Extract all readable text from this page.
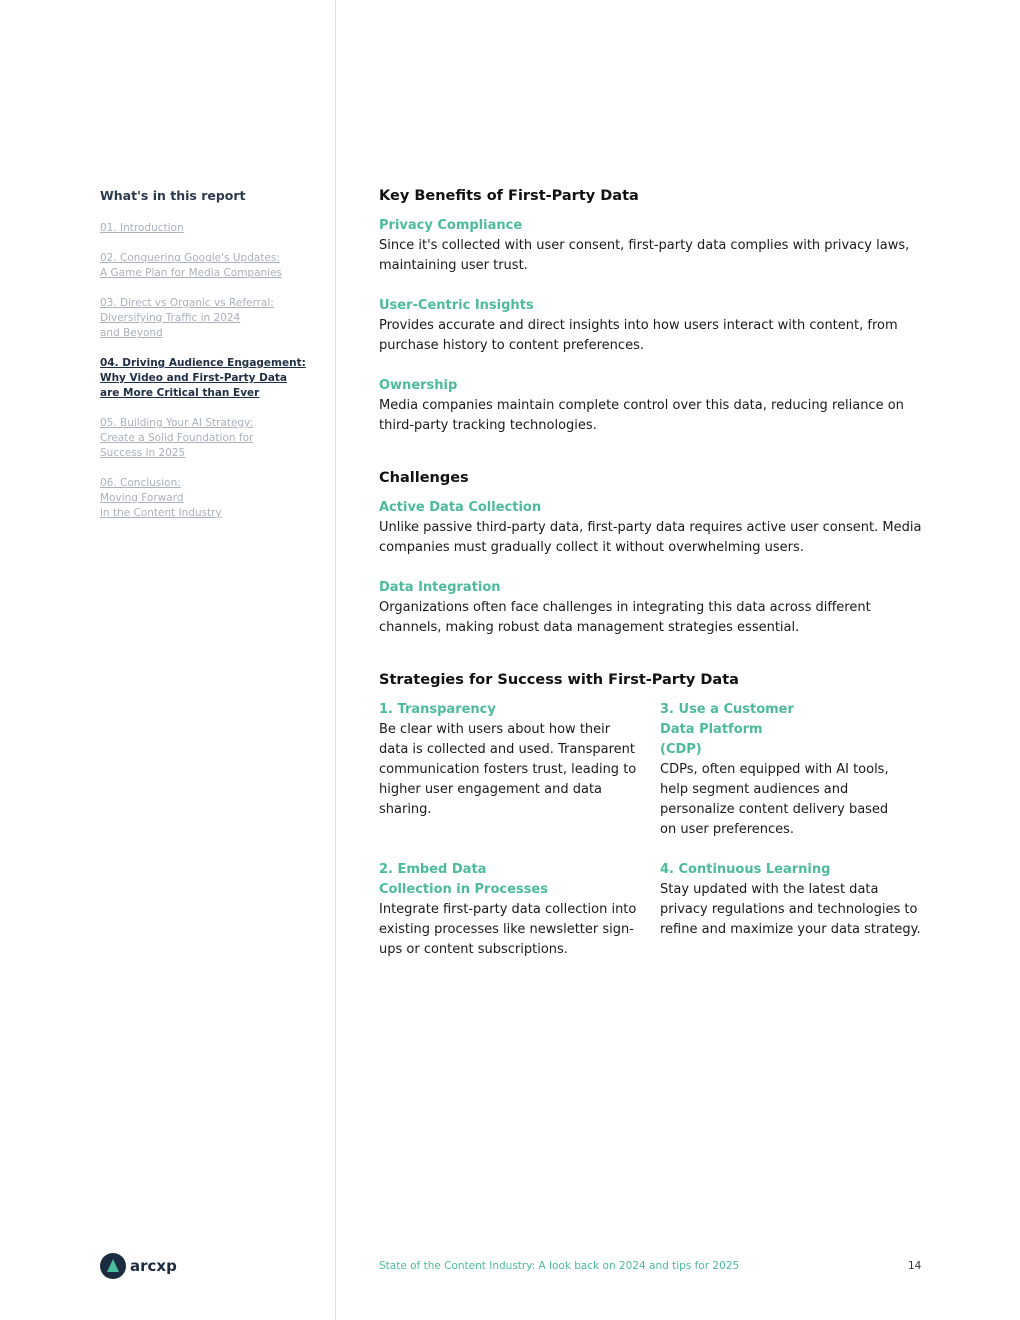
What's in this report
01. Introduction
02. Conquering Google's Updates:
A Game Plan for Media Companies
03. Direct vs Organic vs Referral:
Diversifying Traffic in 2024
and Beyond
04. Driving Audience Engagement:
Why Video and First-Party Data
are More Critical than Ever
05. Building Your AI Strategy:
Create a Solid Foundation for
Success in 2025
06. Conclusion:
Moving Forward
in the Content Industry
Key Benefits of First-Party Data
Privacy Compliance

Since it's collected with user consent, first-party data complies with privacy laws, maintaining user trust.

User-Centric Insights

Provides accurate and direct insights into how users interact with content, from purchase history to content preferences.

Ownership

Media companies maintain complete control over this data, reducing reliance on third-party tracking technologies.

Challenges
Active Data Collection

Unlike passive third-party data, first-party data requires active user consent. Media companies must gradually collect it without overwhelming users.

Data Integration

Organizations often face challenges in integrating this data across different channels, making robust data management strategies essential.

Strategies for Success with First-Party Data
1. Transparency

Be clear with users about how their data is collected and used. Transparent communication fosters trust, leading to higher user engagement and data sharing.

3. Use a Customer Data Platform (CDP)

CDPs, often equipped with AI tools, help segment audiences and personalize content delivery based on user preferences.

2. Embed Data Collection in Processes

Integrate first-party data collection into existing processes like newsletter sign-ups or content subscriptions.

4. Continuous Learning

Stay updated with the latest data privacy regulations and technologies to refine and maximize your data strategy.

arcxp	State of the Content Industry: A look back on 2024 and tips for 2025	14
